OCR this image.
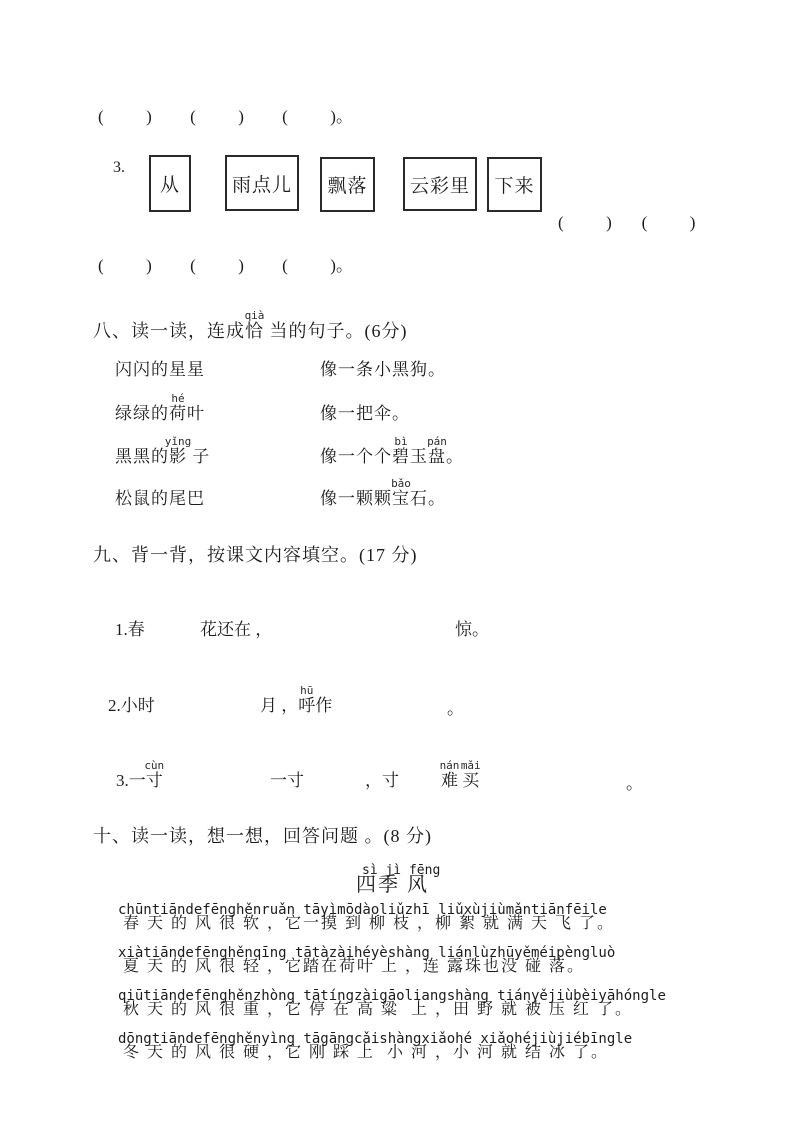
(          )         (          )         (          )。
3.
从	雨点儿 飘落 云彩里 下来
(          )       (          )
(          )         (          )         (          )。
八、读一读，连成
qià
恰 当的句子。(6分)
闪闪的星星	像一条小黑狗。
绿绿的
hé
荷叶	像一把伞。
黑黑的
yǐng
影 子	像一个个
bì
碧玉
pán
盘。
松鼠的尾巴	像一颗颗
bǎo
宝石。
九、背一背，按课文内容填空。(17 分)
1.春	花还在 ，	惊。
2.小时	月 ，
hū
呼作	。
3.一
cùn
寸	一寸	，寸
nán
难
mǎi
买	。
十、读一读，想一想，回答问题 。(8 分)
sì jì fēng
四季 风
chūntiāndefēnghěnruǎn tāyìmōdàoliǔzhī liǔxùjiùmǎntiānfēile
春 天 的 风 很 软 ，它一摸 到 柳 枝 ，柳 絮 就 满 天 飞 了。
xiàtiāndefēnghěnqīng tātàzàihéyèshàng liánlùzhūyěméipèngluò
夏 天 的 风 很 轻 ，它踏在荷叶 上 ，连 露珠也没 碰 落。
qiūtiāndefēnghěnzhòng tātíngzàigāoliangshàng tiányějiùbèiyāhóngle
秋 天 的 风 很 重 ，它 停 在 高 粱  上 ，田 野 就 被 压 红 了。
dōngtiāndefēnghěnyìng tāgāngcǎishàngxiǎohé xiǎohéjiùjiébīngle
冬 天 的 风 很 硬 ，它 刚 踩 上  小 河 ，小 河 就 结 冰 了。
